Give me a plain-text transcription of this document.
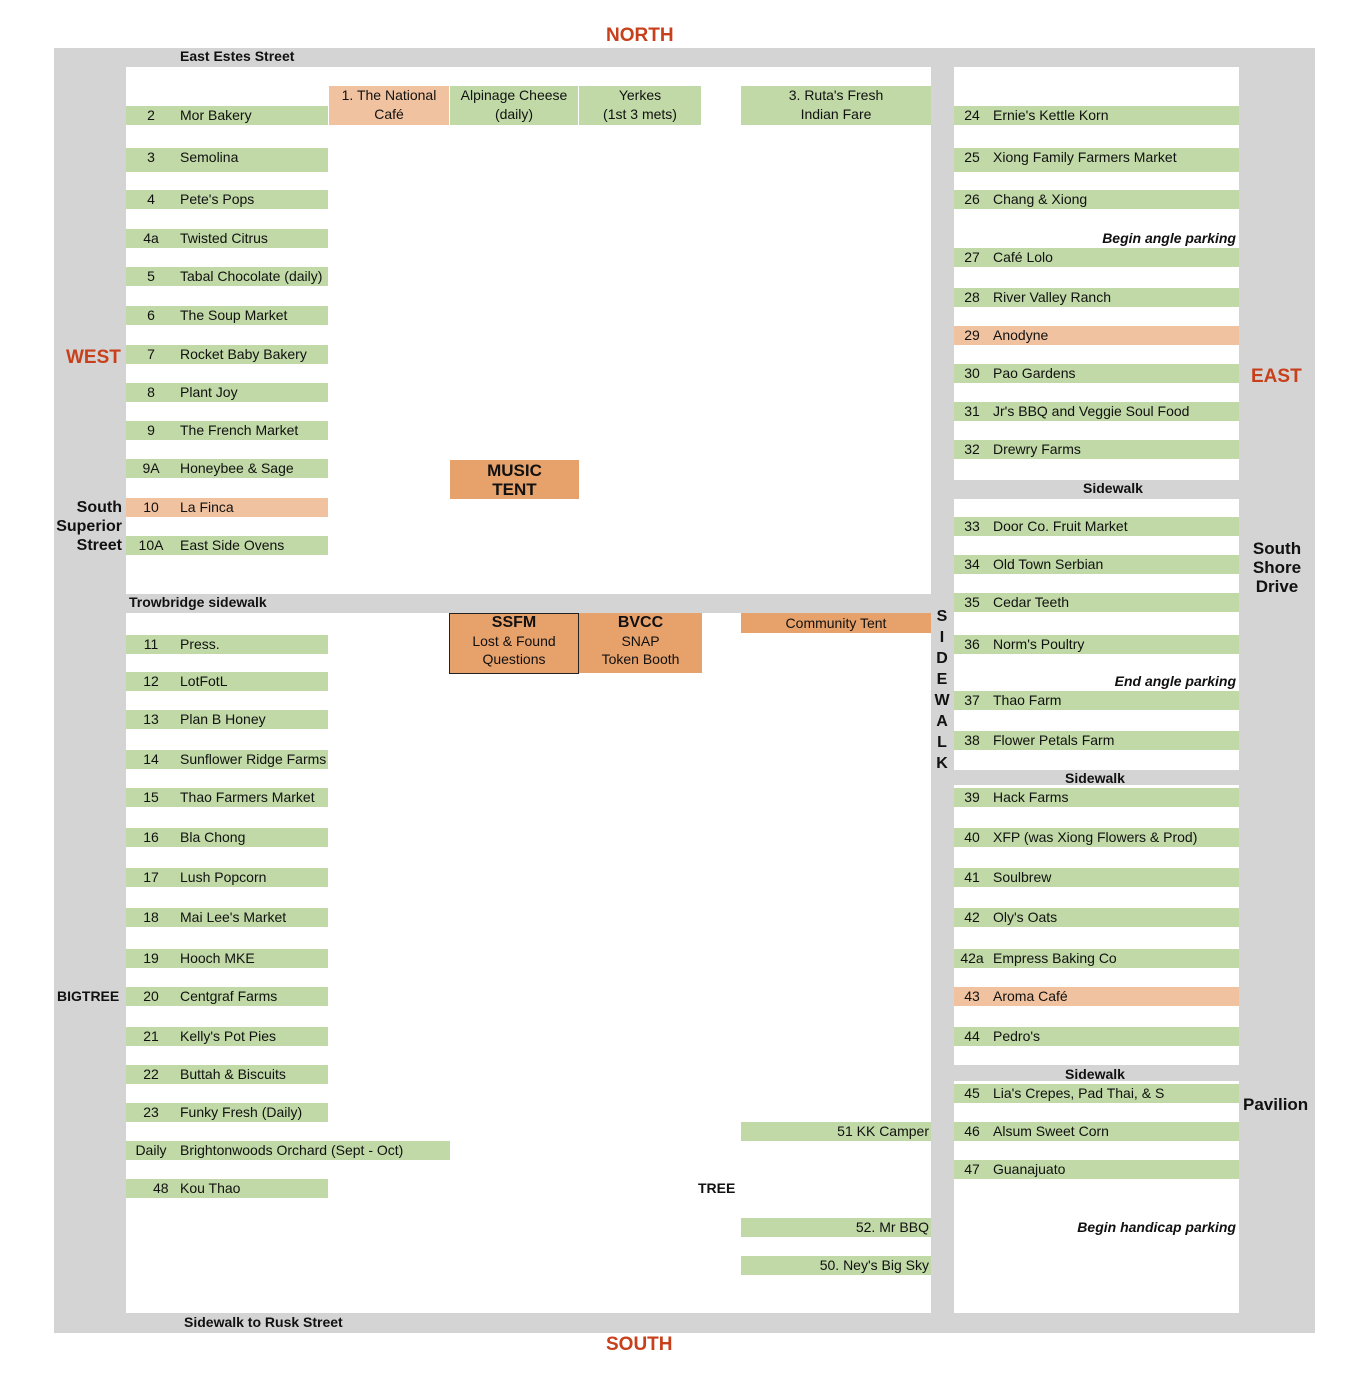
NORTH
SOUTH
WEST
EAST
East Estes Street
Trowbridge sidewalk
Sidewalk to Rusk Street
South
Superior
Street	South
Shore
Drive
BIGTREE
TREE
Pavilion
Sidewalk
Sidewalk
Sidewalk
S
I
D
E
W
A
L
K
Begin angle parking
End angle parking
Begin handicap parking
1. The National
Café
Alpinage Cheese
(daily)
Yerkes
(1st 3 mets)
3. Ruta's Fresh
Indian Fare
MUSIC
TENT
SSFM
Lost & Found
Questions
BVCC
SNAP
Token Booth
Community Tent
2	Mor Bakery
3	Semolina
4	Pete's Pops
4a	Twisted Citrus
5	Tabal Chocolate (daily)
6	The Soup Market
7	Rocket Baby Bakery
8	Plant Joy
9	The French Market
9A	Honeybee & Sage
10	La Finca
10A	East Side Ovens
11	Press.
12	LotFotL
13	Plan B Honey
14	Sunflower Ridge Farms
15	Thao Farmers Market
16	Bla Chong
17	Lush Popcorn
18	Mai Lee's Market
19	Hooch MKE
20	Centgraf Farms
21	Kelly's Pot Pies
22	Buttah & Biscuits
23	Funky Fresh (Daily)
Daily Brightonwoods Orchard (Sept - Oct)
48 Kou Thao
24 Ernie's Kettle Korn
25 Xiong Family Farmers Market
26 Chang & Xiong
27 Café Lolo
28 River Valley Ranch
29 Anodyne
30 Pao Gardens
31 Jr's BBQ and Veggie Soul Food
32 Drewry Farms
33 Door Co. Fruit Market
34 Old Town Serbian
35 Cedar Teeth
36 Norm's Poultry
37 Thao Farm
38 Flower Petals Farm
39 Hack Farms
40 XFP (was Xiong Flowers & Prod)
41 Soulbrew
42 Oly's Oats
42a Empress Baking Co
43 Aroma Café
44 Pedro's
45 Lia's Crepes, Pad Thai, & S
46 Alsum Sweet Corn
47 Guanajuato
51 KK Camper
52. Mr BBQ
50. Ney's Big Sky
